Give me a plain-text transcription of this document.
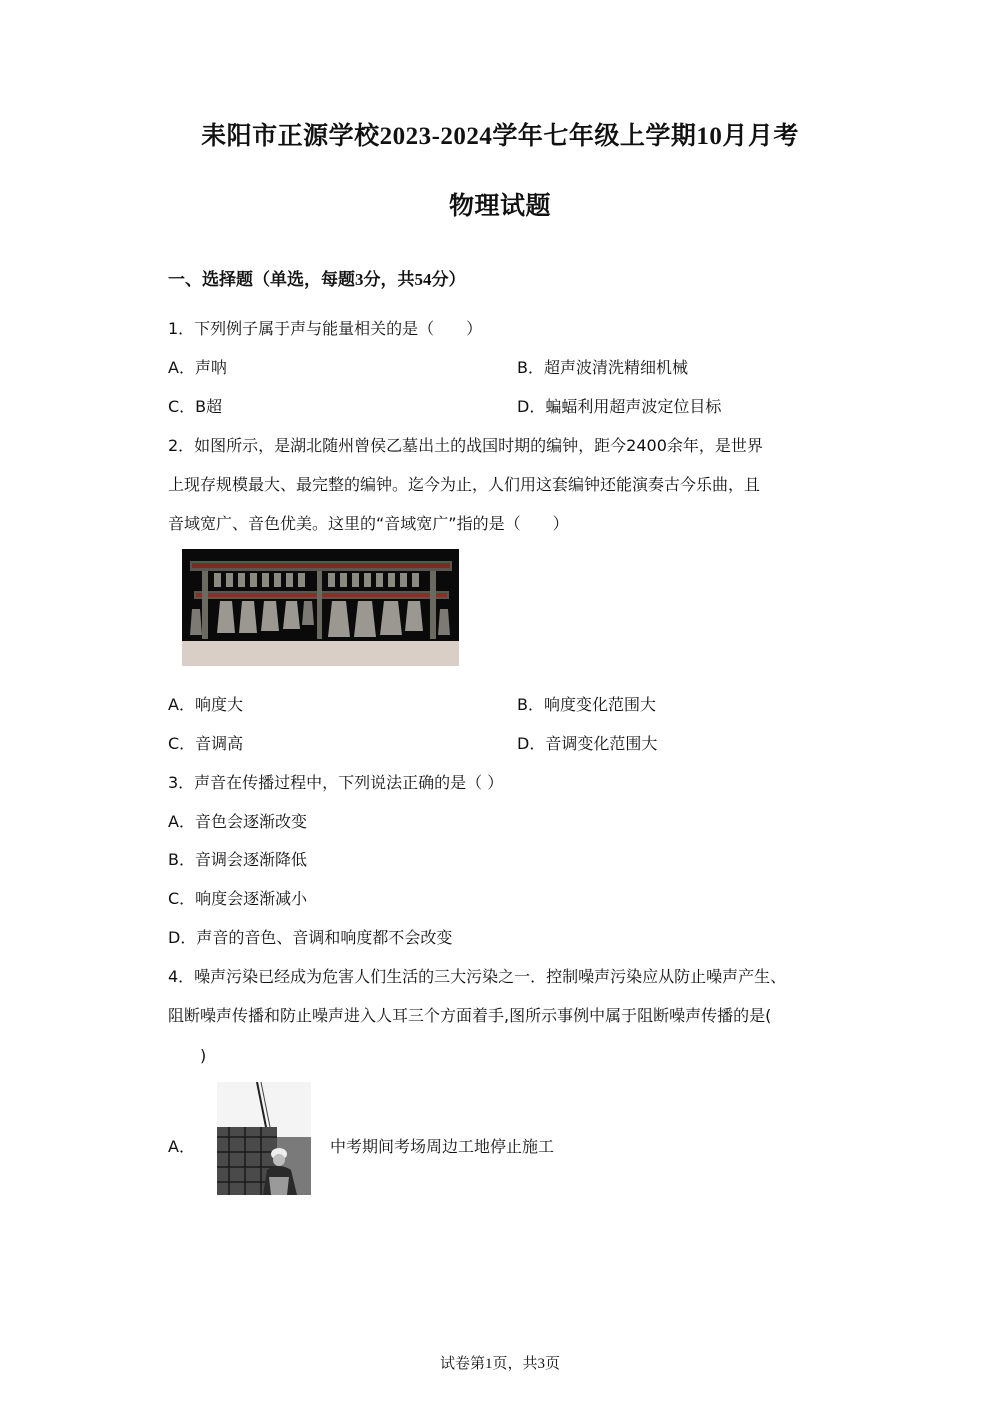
耒阳市正源学校2023-2024学年七年级上学期10月月考
物理试题
一、选择题（单选，每题3分，共54分）
1．下列例子属于声与能量相关的是（　　）
A．声呐	B．超声波清洗精细机械
C．B超	D．蝙蝠利用超声波定位目标
2．如图所示，是湖北随州曾侯乙墓出土的战国时期的编钟，距今2400余年，是世界
上现存规模最大、最完整的编钟。迄今为止，人们用这套编钟还能演奏古今乐曲，且
音域宽广、音色优美。这里的“音域宽广”指的是（　　）
A．响度大	B．响度变化范围大
C．音调高	D．音调变化范围大
3．声音在传播过程中，下列说法正确的是（ ）
A．音色会逐渐改变
B．音调会逐渐降低
C．响度会逐渐减小
D．声音的音色、音调和响度都不会改变
4．噪声污染已经成为危害人们生活的三大污染之一．控制噪声污染应从防止噪声产生、
阻断噪声传播和防止噪声进入人耳三个方面着手,图所示事例中属于阻断噪声传播的是(
)
A．	中考期间考场周边工地停止施工
试卷第1页，共3页
